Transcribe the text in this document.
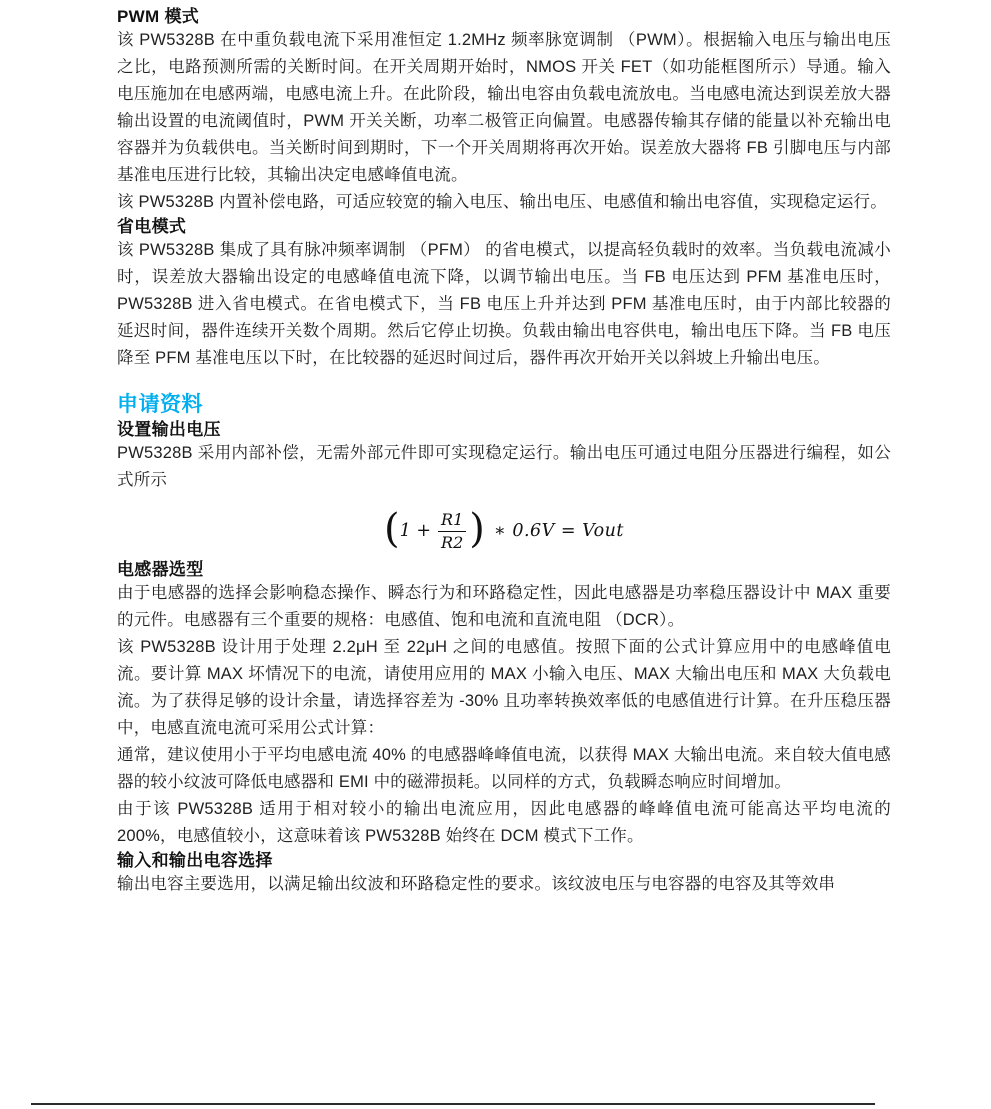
PWM 模式

该 PW5328B 在中重负载电流下采用准恒定 1.2MHz 频率脉宽调制 （PWM）。根据输入电压与输出电压之比，电路预测所需的关断时间。在开关周期开始时，NMOS 开关 FET（如功能框图所示）导通。输入电压施加在电感两端，电感电流上升。在此阶段，输出电容由负载电流放电。当电感电流达到误差放大器输出设置的电流阈值时，PWM 开关关断，功率二极管正向偏置。电感器传输其存储的能量以补充输出电容器并为负载供电。当关断时间到期时，下一个开关周期将再次开始。误差放大器将 FB 引脚电压与内部基准电压进行比较，其输出决定电感峰值电流。

该 PW5328B 内置补偿电路，可适应较宽的输入电压、输出电压、电感值和输出电容值，实现稳定运行。

省电模式

该 PW5328B 集成了具有脉冲频率调制 （PFM） 的省电模式，以提高轻负载时的效率。当负载电流减小时，误差放大器输出设定的电感峰值电流下降，以调节输出电压。当 FB 电压达到 PFM 基准电压时，PW5328B 进入省电模式。在省电模式下，当 FB 电压上升并达到 PFM 基准电压时，由于内部比较器的延迟时间，器件连续开关数个周期。然后它停止切换。负载由输出电容供电，输出电压下降。当 FB 电压降至 PFM 基准电压以下时，在比较器的延迟时间过后，器件再次开始开关以斜坡上升输出电压。

申请资料
设置输出电压

PW5328B 采用内部补偿，无需外部元件即可实现稳定运行。输出电压可通过电阻分压器进行编程，如公式所示

( $1 + \frac{R1}{R2}$ ) ∗ 0.6V = Vout
电感器选型

由于电感器的选择会影响稳态操作、瞬态行为和环路稳定性，因此电感器是功率稳压器设计中 MAX 重要的元件。电感器有三个重要的规格：电感值、饱和电流和直流电阻 （DCR）。

该 PW5328B 设计用于处理 2.2μH 至 22μH 之间的电感值。按照下面的公式计算应用中的电感峰值电流。要计算 MAX 坏情况下的电流，请使用应用的 MAX 小输入电压、MAX 大输出电压和 MAX 大负载电流。为了获得足够的设计余量，请选择容差为 -30% 且功率转换效率低的电感值进行计算。在升压稳压器中，电感直流电流可采用公式计算：

通常，建议使用小于平均电感电流 40% 的电感器峰峰值电流，以获得 MAX 大输出电流。来自较大值电感器的较小纹波可降低电感器和 EMI 中的磁滞损耗。以同样的方式，负载瞬态响应时间增加。

由于该 PW5328B 适用于相对较小的输出电流应用，因此电感器的峰峰值电流可能高达平均电流的 200%，电感值较小，这意味着该 PW5328B 始终在 DCM 模式下工作。

输入和输出电容选择

输出电容主要选用，以满足输出纹波和环路稳定性的要求。该纹波电压与电容器的电容及其等效串
